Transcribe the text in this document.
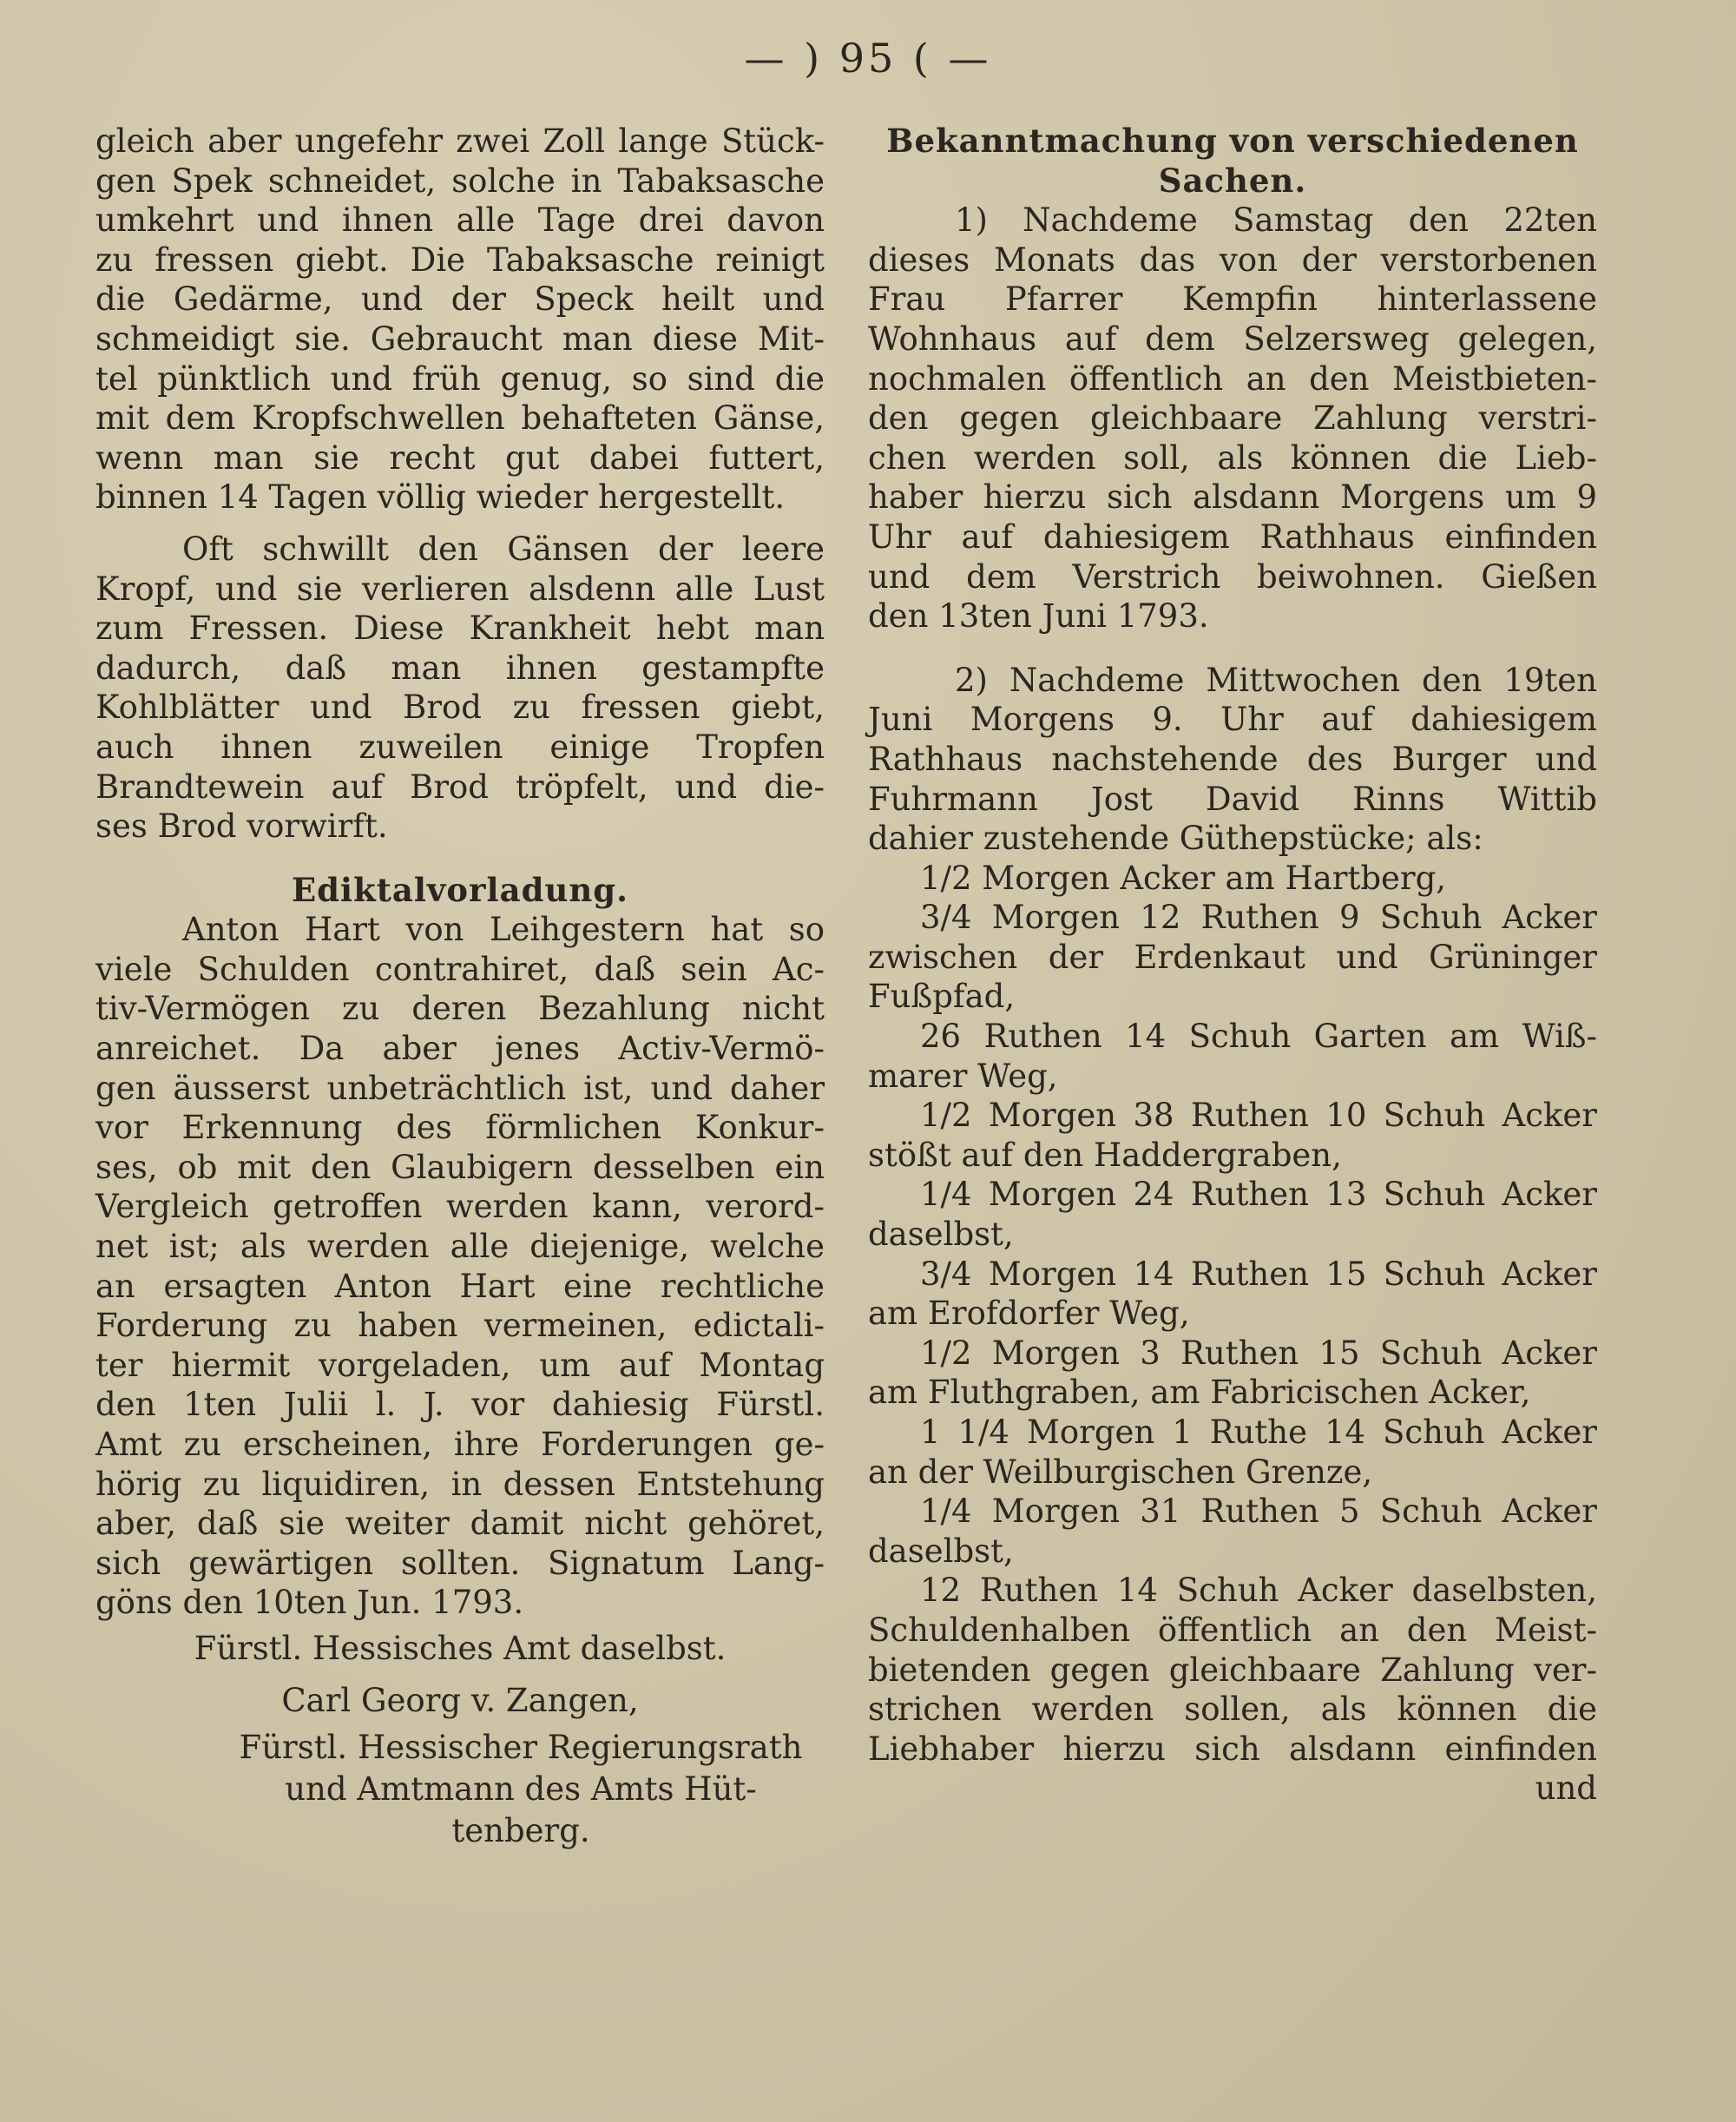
— ) 95 ( —
gleich aber ungefehr zwei Zoll lange Stück-
gen Spek schneidet, solche in Tabaksasche
umkehrt und ihnen alle Tage drei davon
zu fressen giebt. Die Tabaksasche reinigt
die Gedärme, und der Speck heilt und
schmeidigt sie. Gebraucht man diese Mit-
tel pünktlich und früh genug, so sind die
mit dem Kropfschwellen behafteten Gänse,
wenn man sie recht gut dabei futtert,
binnen 14 Tagen völlig wieder hergestellt.
Oft schwillt den Gänsen der leere
Kropf, und sie verlieren alsdenn alle Lust
zum Fressen. Diese Krankheit hebt man
dadurch, daß man ihnen gestampfte
Kohlblätter und Brod zu fressen giebt,
auch ihnen zuweilen einige Tropfen
Brandtewein auf Brod tröpfelt, und die-
ses Brod vorwirft.
Ediktalvorladung.
Anton Hart von Leihgestern hat so
viele Schulden contrahiret, daß sein Ac-
tiv-Vermögen zu deren Bezahlung nicht
anreichet. Da aber jenes Activ-Vermö-
gen äusserst unbeträchtlich ist, und daher
vor Erkennung des förmlichen Konkur-
ses, ob mit den Glaubigern desselben ein
Vergleich getroffen werden kann, verord-
net ist; als werden alle diejenige, welche
an ersagten Anton Hart eine rechtliche
Forderung zu haben vermeinen, edictali-
ter hiermit vorgeladen, um auf Montag
den 1ten Julii l. J. vor dahiesig Fürstl.
Amt zu erscheinen, ihre Forderungen ge-
hörig zu liquidiren, in dessen Entstehung
aber, daß sie weiter damit nicht gehöret,
sich gewärtigen sollten. Signatum Lang-
göns den 10ten Jun. 1793.
Fürstl. Hessisches Amt daselbst.
Carl Georg v. Zangen,
Fürstl. Hessischer Regierungsrath
und Amtmann des Amts Hüt-
tenberg.
Bekanntmachung von verschiedenen
Sachen.
1) Nachdeme Samstag den 22ten
dieses Monats das von der verstorbenen
Frau Pfarrer Kempfin hinterlassene
Wohnhaus auf dem Selzersweg gelegen,
nochmalen öffentlich an den Meistbieten-
den gegen gleichbaare Zahlung verstri-
chen werden soll, als können die Lieb-
haber hierzu sich alsdann Morgens um 9
Uhr auf dahiesigem Rathhaus einfinden
und dem Verstrich beiwohnen. Gießen
den 13ten Juni 1793.
2) Nachdeme Mittwochen den 19ten
Juni Morgens 9. Uhr auf dahiesigem
Rathhaus nachstehende des Burger und
Fuhrmann Jost David Rinns Wittib
dahier zustehende Güthерstücke; als:
1/2 Morgen Acker am Hartberg,
3/4 Morgen 12 Ruthen 9 Schuh Acker
zwischen der Erdenkaut und Grüninger
Fußpfad,
26 Ruthen 14 Schuh Garten am Wiß-
marer Weg,
1/2 Morgen 38 Ruthen 10 Schuh Acker
stößt auf den Haddergraben,
1/4 Morgen 24 Ruthen 13 Schuh Acker
daselbst,
3/4 Morgen 14 Ruthen 15 Schuh Acker
am Erofdorfer Weg,
1/2 Morgen 3 Ruthen 15 Schuh Acker
am Fluthgraben, am Fabricischen Acker,
1 1/4 Morgen 1 Ruthe 14 Schuh Acker
an der Weilburgischen Grenze,
1/4 Morgen 31 Ruthen 5 Schuh Acker
daselbst,
12 Ruthen 14 Schuh Acker daselbsten,
Schuldenhalben öffentlich an den Meist-
bietenden gegen gleichbaare Zahlung ver-
strichen werden sollen, als können die
Liebhaber hierzu sich alsdann einfinden
und
